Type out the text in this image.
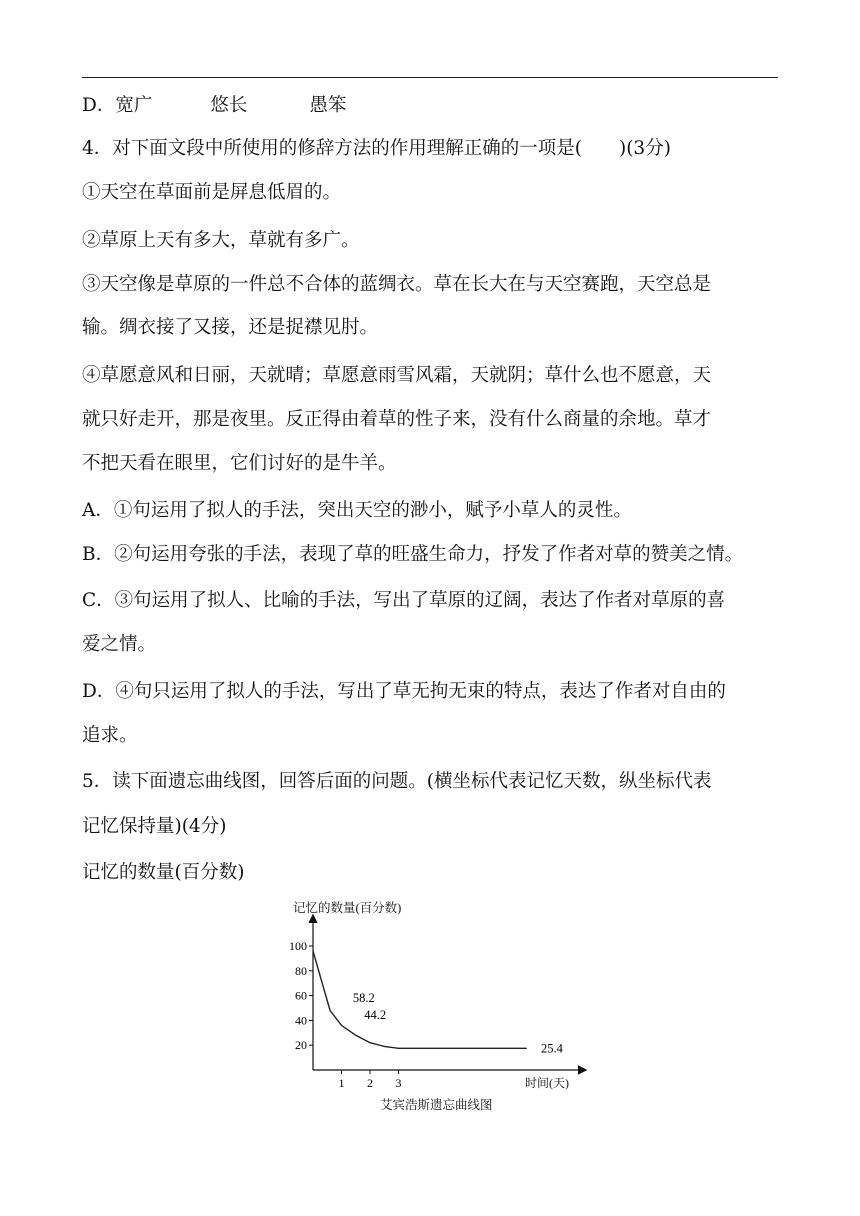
D．宽广	悠长	愚笨
4．对下面文段中所使用的修辞方法的作用理解正确的一项是(　　)(3分)
①天空在草面前是屏息低眉的。
②草原上天有多大，草就有多广。
③天空像是草原的一件总不合体的蓝绸衣。草在长大在与天空赛跑，天空总是
输。绸衣接了又接，还是捉襟见肘。
④草愿意风和日丽，天就晴；草愿意雨雪风霜，天就阴；草什么也不愿意，天
就只好走开，那是夜里。反正得由着草的性子来，没有什么商量的余地。草才
不把天看在眼里，它们讨好的是牛羊。
A．①句运用了拟人的手法，突出天空的渺小，赋予小草人的灵性。
B．②句运用夸张的手法，表现了草的旺盛生命力，抒发了作者对草的赞美之情。
C．③句运用了拟人、比喻的手法，写出了草原的辽阔，表达了作者对草原的喜
爱之情。
D．④句只运用了拟人的手法，写出了草无拘无束的特点，表达了作者对自由的
追求。
5．读下面遗忘曲线图，回答后面的问题。(横坐标代表记忆天数，纵坐标代表
记忆保持量)(4分)
记忆的数量(百分数)
记忆的数量(百分数)
时间(天)
艾宾浩斯遗忘曲线图
100
80
60
40
20
1 2 3
58.2
44.2
25.4
